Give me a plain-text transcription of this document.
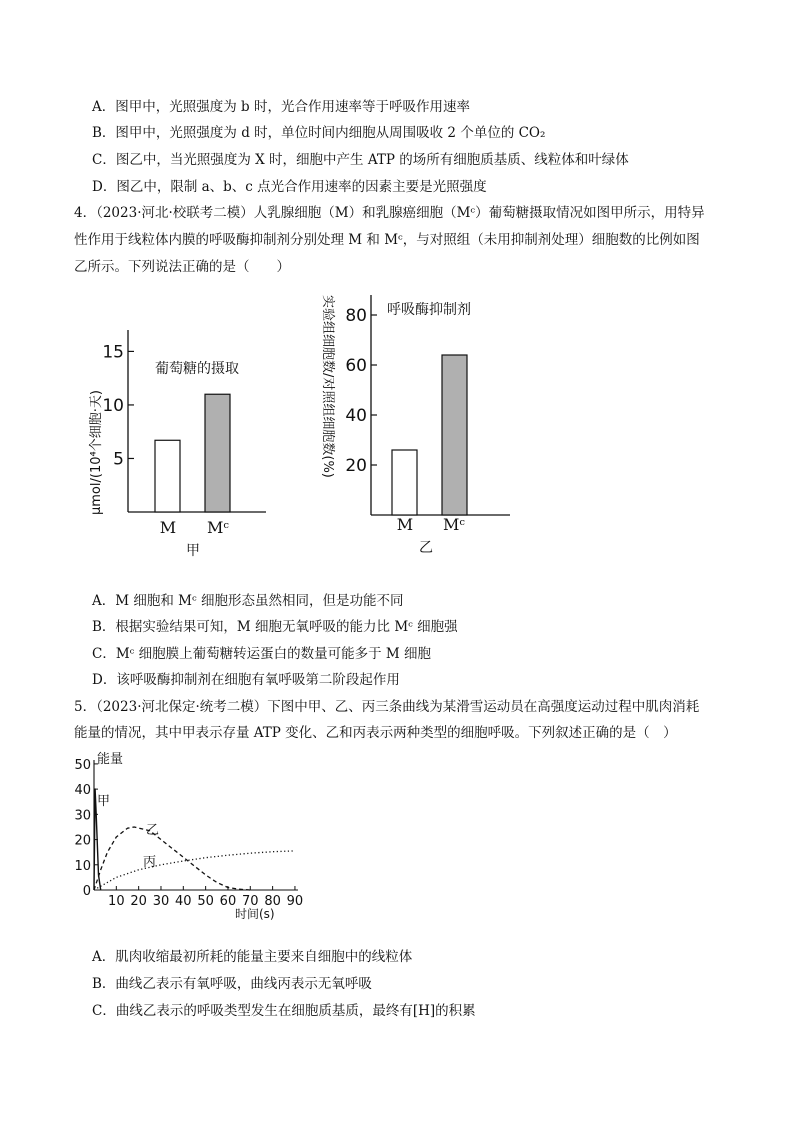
A．图甲中，光照强度为 b 时，光合作用速率等于呼吸作用速率
B．图甲中，光照强度为 d 时，单位时间内细胞从周围吸收 2 个单位的 CO₂
C．图乙中，当光照强度为 X 时，细胞中产生 ATP 的场所有细胞质基质、线粒体和叶绿体
D．图乙中，限制 a、b、c 点光合作用速率的因素主要是光照强度
4．（2023·河北·校联考二模）人乳腺细胞（M）和乳腺癌细胞（Mᶜ）葡萄糖摄取情况如图甲所示，用特异
性作用于线粒体内膜的呼吸酶抑制剂分别处理 M 和 Mᶜ，与对照组（未用抑制剂处理）细胞数的比例如图
乙所示。下列说法正确的是（　　）
μmol/(10⁴个细胞·天) 5
10
15
葡萄糖的摄取
M Mᶜ
甲
实验组细胞数/对照组细胞数(%) 20
40
60
80 呼吸酶抑制剂
M Mᶜ
乙
A．M 细胞和 Mᶜ 细胞形态虽然相同，但是功能不同
B．根据实验结果可知，M 细胞无氧呼吸的能力比 Mᶜ 细胞强
C．Mᶜ 细胞膜上葡萄糖转运蛋白的数量可能多于 M 细胞
D．该呼吸酶抑制剂在细胞有氧呼吸第二阶段起作用
5．（2023·河北保定·统考二模）下图中甲、乙、丙三条曲线为某滑雪运动员在高强度运动过程中肌肉消耗
能量的情况，其中甲表示存量 ATP 变化、乙和丙表示两种类型的细胞呼吸。下列叙述正确的是（　）
0
10
20
30
40
50
10 20 30 40 50 60 70 80 90
能量
时间(s)
甲
乙
丙
A．肌肉收缩最初所耗的能量主要来自细胞中的线粒体
B．曲线乙表示有氧呼吸，曲线丙表示无氧呼吸
C．曲线乙表示的呼吸类型发生在细胞质基质，最终有[H]的积累
